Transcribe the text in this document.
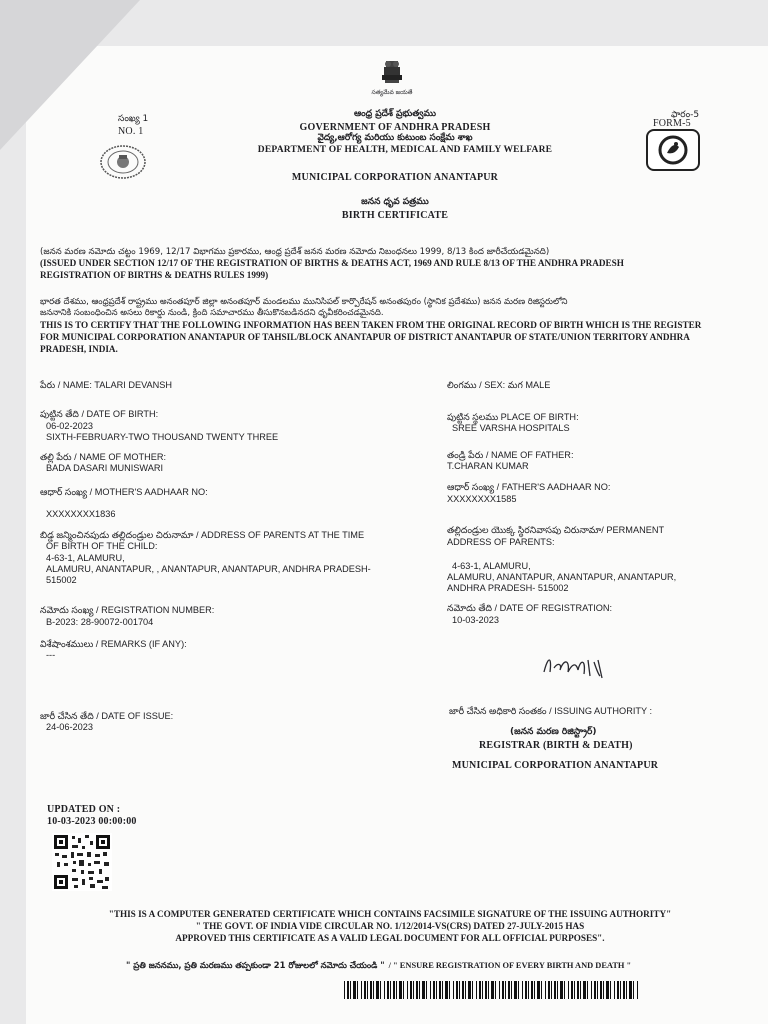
సత్యమేవ జయతే
సంఖ్య 1
NO. 1
ఫారం-5
FORM-5
ఆంధ్ర ప్రదేశ్ ప్రభుత్వము
GOVERNMENT OF ANDHRA PRADESH
వైద్య,ఆరోగ్య మరియు కుటుంబ సంక్షేమ శాఖ
DEPARTMENT OF HEALTH, MEDICAL AND FAMILY WELFARE
MUNICIPAL CORPORATION ANANTAPUR
జనన ధృవ పత్రము
BIRTH CERTIFICATE
(జనన మరణ నమోదు చట్టం 1969, 12/17 విభాగము ప్రకారము, ఆంధ్ర ప్రదేశ్ జనన మరణ నమోదు నిబంధనలు 1999, 8/13 కింద జారీచేయడమైనది)
(ISSUED UNDER SECTION 12/17 OF THE REGISTRATION OF BIRTHS & DEATHS ACT, 1969 AND RULE 8/13 OF THE ANDHRA PRADESH
REGISTRATION OF BIRTHS & DEATHS RULES 1999)
భారత దేశము, ఆంధ్రప్రదేశ్ రాష్ట్రము అనంతపూర్ జిల్లా అనంతపూర్ మండలము మునిసిపల్ కార్పొరేషన్ అనంతపురం (స్థానిక ప్రదేశము) జనన మరణ రిజిస్టరులోని
జననానికి సంబంధించిన అసలు రికార్డు నుండి, క్రింది సమాచారము తీసుకొనబడినదని ధృవీకరించడమైనది.
THIS IS TO CERTIFY THAT THE FOLLOWING INFORMATION HAS BEEN TAKEN FROM THE ORIGINAL RECORD OF BIRTH WHICH IS THE REGISTER
FOR MUNICIPAL CORPORATION ANANTAPUR OF TAHSIL/BLOCK ANANTAPUR OF DISTRICT ANANTAPUR OF STATE/UNION TERRITORY ANDHRA
PRADESH, INDIA.
పేరు / NAME: TALARI DEVANSH
పుట్టిన తేది / DATE OF BIRTH:
06-02-2023
SIXTH-FEBRUARY-TWO THOUSAND TWENTY THREE
తల్లి పేరు / NAME OF MOTHER:
BADA DASARI MUNISWARI
ఆధార్ సంఖ్య / MOTHER'S AADHAAR NO:
XXXXXXXX1836
బిడ్డ జన్మించినపుడు తల్లిదండ్రుల చిరునామా / ADDRESS OF PARENTS AT THE TIME
OF BIRTH OF THE CHILD:
4-63-1, ALAMURU,
ALAMURU, ANANTAPUR, , ANANTAPUR, ANANTAPUR, ANDHRA PRADESH-
515002
నమోదు సంఖ్య / REGISTRATION NUMBER:
B-2023: 28-90072-001704
విశేషాంశములు / REMARKS (IF ANY):
---
జారీ చేసిన తేది / DATE OF ISSUE:
24-06-2023
లింగము / SEX: మగ MALE
పుట్టిన స్థలము PLACE OF BIRTH:
SREE VARSHA HOSPITALS
తండ్రి పేరు / NAME OF FATHER:
T.CHARAN KUMAR
ఆధార్ సంఖ్య / FATHER'S AADHAAR NO:
XXXXXXXX1585
తల్లిదండ్రుల యొక్క స్థిరనివాసపు చిరునామా/ PERMANENT
ADDRESS OF PARENTS:
4-63-1, ALAMURU,
ALAMURU, ANANTAPUR, ANANTAPUR, ANANTAPUR,
ANDHRA PRADESH- 515002
నమోదు తేది / DATE OF REGISTRATION:
10-03-2023
జారీ చేసిన అధికారి సంతకం / ISSUING AUTHORITY :
(జనన మరణ రిజిస్ట్రార్)
REGISTRAR (BIRTH & DEATH)
MUNICIPAL CORPORATION ANANTAPUR
UPDATED ON :
10-03-2023 00:00:00
"THIS IS A COMPUTER GENERATED CERTIFICATE WHICH CONTAINS FACSIMILE SIGNATURE OF THE ISSUING AUTHORITY"
" THE GOVT. OF INDIA VIDE CIRCULAR NO. 1/12/2014-VS(CRS) DATED 27-JULY-2015 HAS
APPROVED THIS CERTIFICATE AS A VALID LEGAL DOCUMENT FOR ALL OFFICIAL PURPOSES".
" ప్రతి జననము, ప్రతి మరణము తప్పకుండా 21 రోజులలో నమోదు చేయండి " / " ENSURE REGISTRATION OF EVERY BIRTH AND DEATH "
